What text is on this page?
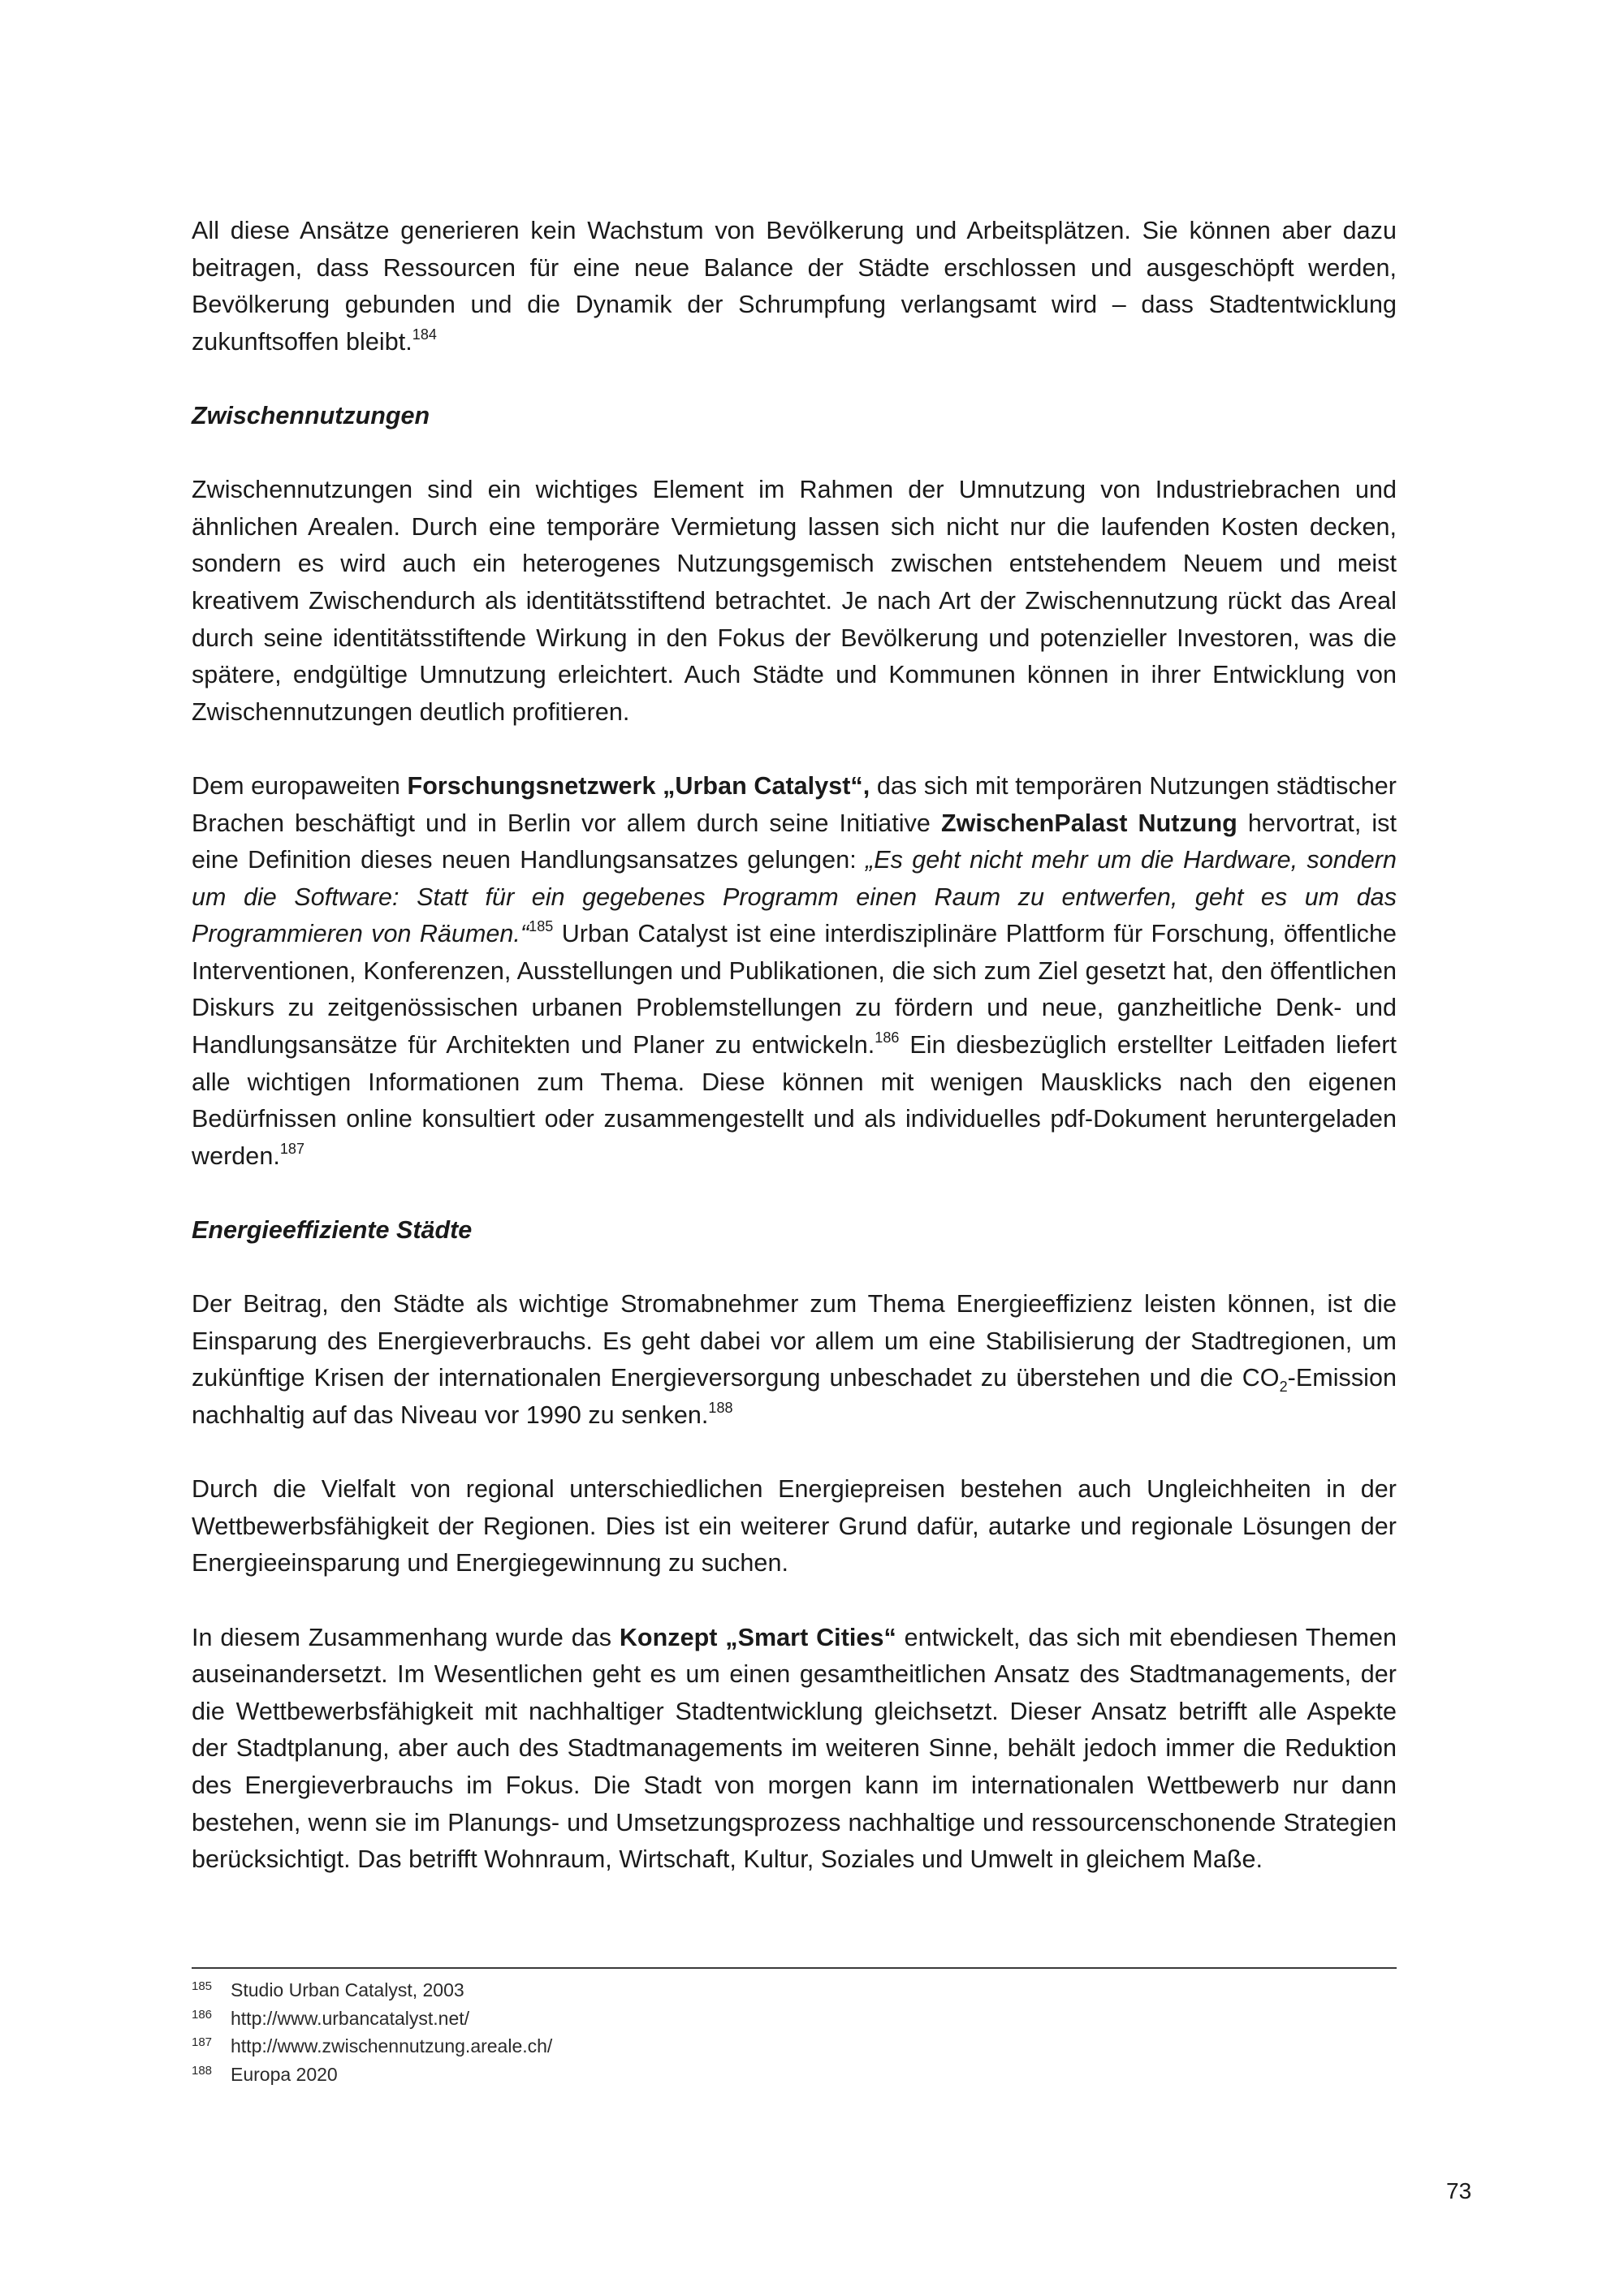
All diese Ansätze generieren kein Wachstum von Bevölkerung und Arbeitsplätzen. Sie können aber dazu beitragen, dass Ressourcen für eine neue Balance der Städte erschlossen und ausgeschöpft werden, Bevölkerung gebunden und die Dynamik der Schrumpfung verlangsamt wird – dass Stadtentwicklung zukunftsoffen bleibt.$^{184}$

Zwischennutzungen

Zwischennutzungen sind ein wichtiges Element im Rahmen der Umnutzung von Industriebrachen und ähnlichen Arealen. Durch eine temporäre Vermietung lassen sich nicht nur die laufenden Kosten decken, sondern es wird auch ein heterogenes Nutzungsgemisch zwischen entstehendem Neuem und meist kreativem Zwischendurch als identitätsstiftend betrachtet. Je nach Art der Zwischennutzung rückt das Areal durch seine identitätsstiftende Wirkung in den Fokus der Bevölkerung und potenzieller Investoren, was die spätere, endgültige Umnutzung erleichtert. Auch Städte und Kommunen können in ihrer Entwicklung von Zwischennutzungen deutlich profitieren.

Dem europaweiten Forschungsnetzwerk „Urban Catalyst“, das sich mit temporären Nutzungen städtischer Brachen beschäftigt und in Berlin vor allem durch seine Initiative ZwischenPalast Nutzung hervortrat, ist eine Definition dieses neuen Handlungsansatzes gelungen: „Es geht nicht mehr um die Hardware, sondern um die Software: Statt für ein gegebenes Programm einen Raum zu entwerfen, geht es um das Programmieren von Räumen.“$^{185}$ Urban Catalyst ist eine interdisziplinäre Plattform für Forschung, öffentliche Interventionen, Konferenzen, Ausstellungen und Publikationen, die sich zum Ziel gesetzt hat, den öffentlichen Diskurs zu zeitgenössischen urbanen Problemstellungen zu fördern und neue, ganzheitliche Denk- und Handlungsansätze für Architekten und Planer zu entwickeln.$^{186}$ Ein diesbezüglich erstellter Leitfaden liefert alle wichtigen Informationen zum Thema. Diese können mit wenigen Mausklicks nach den eigenen Bedürfnissen online konsultiert oder zusammengestellt und als individuelles pdf-Dokument heruntergeladen werden.$^{187}$

Energieeffiziente Städte

Der Beitrag, den Städte als wichtige Stromabnehmer zum Thema Energieeffizienz leisten können, ist die Einsparung des Energieverbrauchs. Es geht dabei vor allem um eine Stabilisierung der Stadtregionen, um zukünftige Krisen der internationalen Energieversorgung unbeschadet zu überstehen und die $CO_2$-Emission nachhaltig auf das Niveau vor 1990 zu senken.$^{188}$

Durch die Vielfalt von regional unterschiedlichen Energiepreisen bestehen auch Ungleichheiten in der Wettbewerbsfähigkeit der Regionen. Dies ist ein weiterer Grund dafür, autarke und regionale Lösungen der Energieeinsparung und Energiegewinnung zu suchen.

In diesem Zusammenhang wurde das Konzept „Smart Cities“ entwickelt, das sich mit ebendiesen Themen auseinandersetzt. Im Wesentlichen geht es um einen gesamtheitlichen Ansatz des Stadtmanagements, der die Wettbewerbsfähigkeit mit nachhaltiger Stadtentwicklung gleichsetzt. Dieser Ansatz betrifft alle Aspekte der Stadtplanung, aber auch des Stadtmanagements im weiteren Sinne, behält jedoch immer die Reduktion des Energieverbrauchs im Fokus. Die Stadt von morgen kann im internationalen Wettbewerb nur dann bestehen, wenn sie im Planungs- und Umsetzungsprozess nachhaltige und ressourcenschonende Strategien berücksichtigt. Das betrifft Wohnraum, Wirtschaft, Kultur, Soziales und Umwelt in gleichem Maße.

185 Studio Urban Catalyst, 2003
186 http://www.urbancatalyst.net/
187 http://www.zwischennutzung.areale.ch/
188 Europa 2020
73
